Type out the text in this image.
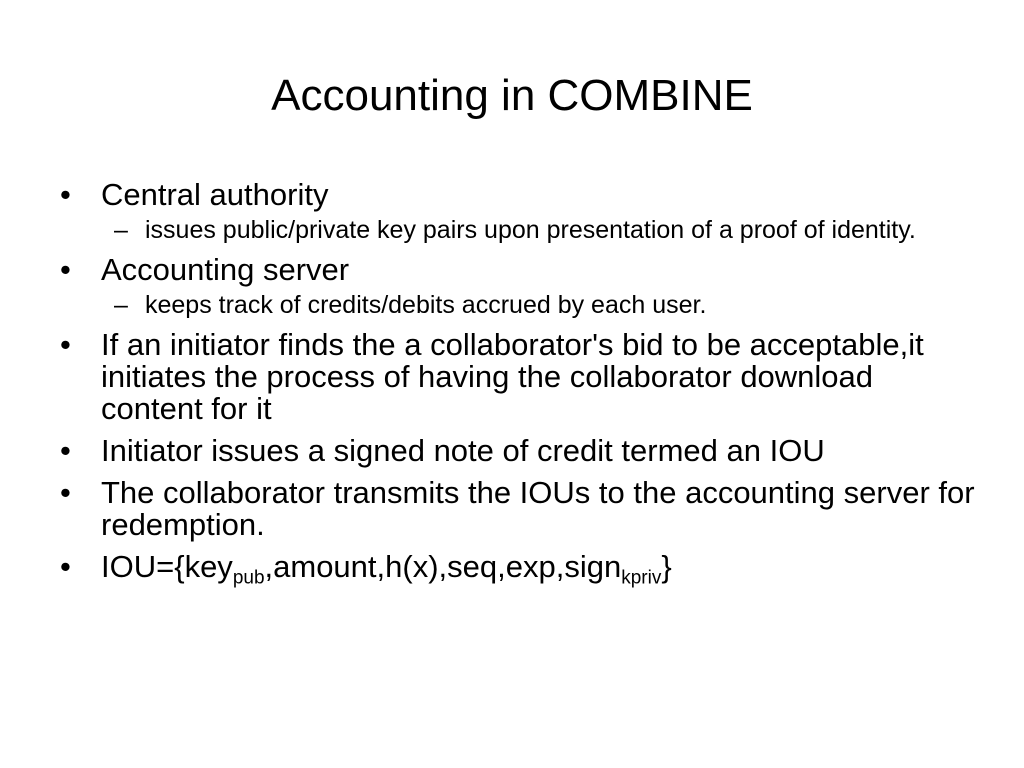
Accounting in COMBINE
• Central authority
– issues public/private key pairs upon presentation of a proof of identity.
• Accounting server
– keeps track of credits/debits accrued by each user.
• If an initiator finds the a collaborator's bid to be acceptable,it initiates the process of having the collaborator download content for it
• Initiator issues a signed note of credit termed an IOU
• The collaborator transmits the IOUs to the accounting server for redemption.
• IOU={key$_{pub}$,amount,h(x),seq,exp,sign$_{kpriv}$}
